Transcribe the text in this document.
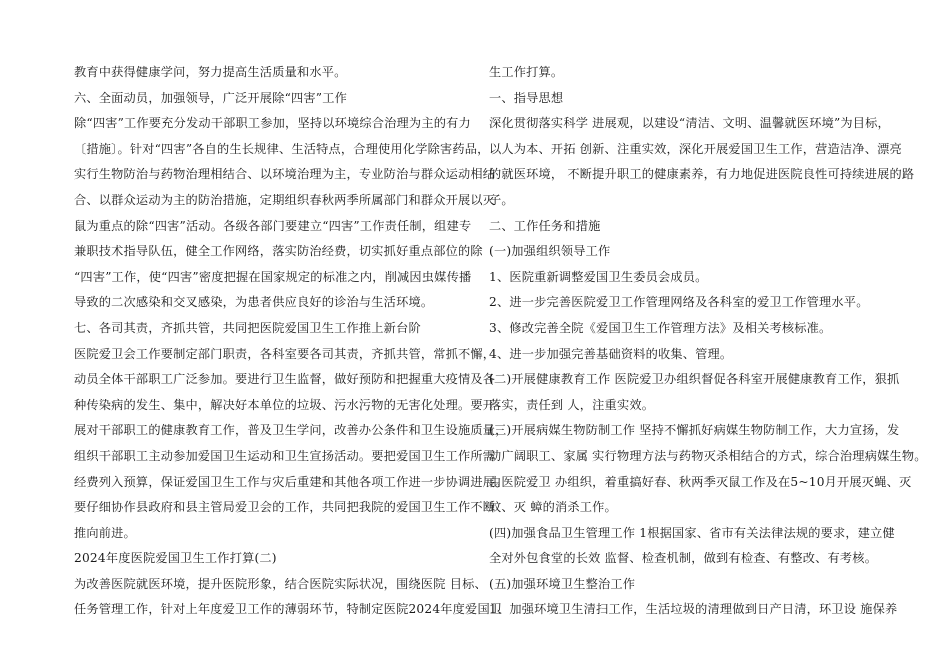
教育中获得健康学问，努力提高生活质量和水平。
六、全面动员，加强领导，广泛开展除“四害”工作
除“四害”工作要充分发动干部职工参加，坚持以环境综合治理为主的有力
〔措施〕。针对“四害”各自的生长规律、生活特点，合理使用化学除害药品，
实行生物防治与药物治理相结合、以环境治理为主，专业防治与群众运动相结
合、以群众运动为主的防治措施，定期组织春秋两季所属部门和群众开展以灭
鼠为重点的除“四害”活动。各级各部门要建立“四害”工作责任制，组建专
兼职技术指导队伍，健全工作网络，落实防治经费，切实抓好重点部位的除
“四害”工作，使“四害”密度把握在国家规定的标准之内，削减因虫媒传播
导致的二次感染和交叉感染，为患者供应良好的诊治与生活环境。
七、各司其责，齐抓共管，共同把医院爱国卫生工作推上新台阶
医院爱卫会工作要制定部门职责，各科室要各司其责，齐抓共管，常抓不懈，
动员全体干部职工广泛参加。要进行卫生监督，做好预防和把握重大疫情及各
种传染病的发生、集中，解决好本单位的垃圾、污水污物的无害化处理。要开
展对干部职工的健康教育工作，普及卫生学问，改善办公条件和卫生设施质量，
组织干部职工主动参加爱国卫生运动和卫生宣扬活动。要把爱国卫生工作所需
经费列入预算，保证爱国卫生工作与灾后重建和其他各项工作进一步协调进展。
要仔细协作县政府和县主管局爱卫会的工作，共同把我院的爱国卫生工作不断
推向前进。
2024年度医院爱国卫生工作打算(二)
为改善医院就医环境，提升医院形象，结合医院实际状况，围绕医院 目标、
任务管理工作，针对上年度爱卫工作的薄弱环节，特制定医院2024年度爱国卫
生工作打算。
一、指导思想
深化贯彻落实科学 进展观，以建设“清洁、文明、温馨就医环境”为目标，
以人为本、开拓 创新、注重实效，深化开展爱国卫生工作，营造洁净、漂亮
的就医环境， 不断提升职工的健康素养，有力地促进医院良性可持续进展的路
子。
二、工作任务和措施
(一)加强组织领导工作
1、医院重新调整爱国卫生委员会成员。
2、进一步完善医院爱卫工作管理网络及各科室的爱卫工作管理水平。
3、修改完善全院《爱国卫生工作管理方法》及相关考核标准。
4、进一步加强完善基础资料的收集、管理。
(二)开展健康教育工作 医院爱卫办组织督促各科室开展健康教育工作，狠抓
落实，责任到 人，注重实效。
(三)开展病媒生物防制工作 坚持不懈抓好病媒生物防制工作，大力宣扬，发
动广阔职工、家属 实行物理方法与药物灭杀相结合的方式，综合治理病媒生物。
由医院爱卫 办组织，着重搞好春、秋两季灭鼠工作及在5~10月开展灭蝇、灭
蚊、灭 蟑的消杀工作。
(四)加强食品卫生管理工作 1根据国家、省市有关法律法规的要求，建立健
全对外包食堂的长效 监督、检查机制，做到有检查、有整改、有考核。
(五)加强环境卫生整治工作
1、加强环境卫生清扫工作，生活垃圾的清理做到日产日清，环卫设 施保养
